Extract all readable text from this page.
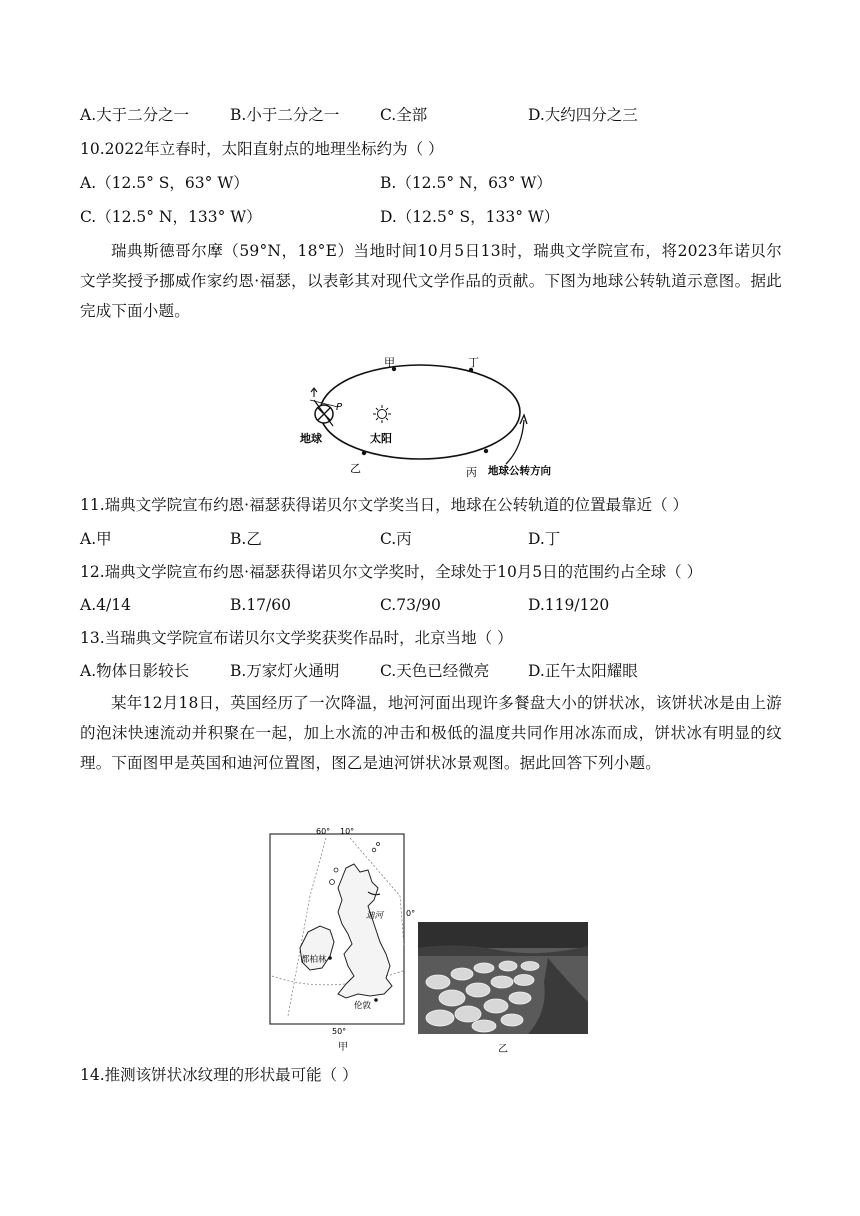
A.大于二分之一	B.小于二分之一	C.全部	D.大约四分之三
10.2022年立春时，太阳直射点的地理坐标约为（ ）
A.（12.5° S，63° W）	B.（12.5° N，63° W）
C.（12.5° N，133° W）	D.（12.5° S，133° W）
瑞典斯德哥尔摩（59°N，18°E）当地时间10月5日13时，瑞典文学院宣布，将2023年诺贝尔文学奖授予挪威作家约恩·福瑟，以表彰其对现代文学作品的贡献。下图为地球公转轨道示意图。据此完成下面小题。
甲	丁
乙	丙
P
地球	太阳
地球公转方向
11.瑞典文学院宣布约恩·福瑟获得诺贝尔文学奖当日，地球在公转轨道的位置最靠近（ ）
A.甲	B.乙	C.丙	D.丁
12.瑞典文学院宣布约恩·福瑟获得诺贝尔文学奖时，全球处于10月5日的范围约占全球（ ）
A.4/14	B.17/60	C.73/90	D.119/120
13.当瑞典文学院宣布诺贝尔文学奖获奖作品时，北京当地（ ）
A.物体日影较长	B.万家灯火通明	C.天色已经微亮	D.正午太阳耀眼
某年12月18日，英国经历了一次降温，地河河面出现许多餐盘大小的饼状冰，该饼状冰是由上游的泡沫快速流动并积聚在一起，加上水流的冲击和极低的温度共同作用冰冻而成，饼状冰有明显的纹理。下面图甲是英国和迪河位置图，图乙是迪河饼状冰景观图。据此回答下列小题。
60° 10°
0°
50°
迪河
都柏林
伦敦
甲	乙
14.推测该饼状冰纹理的形状最可能（ ）
